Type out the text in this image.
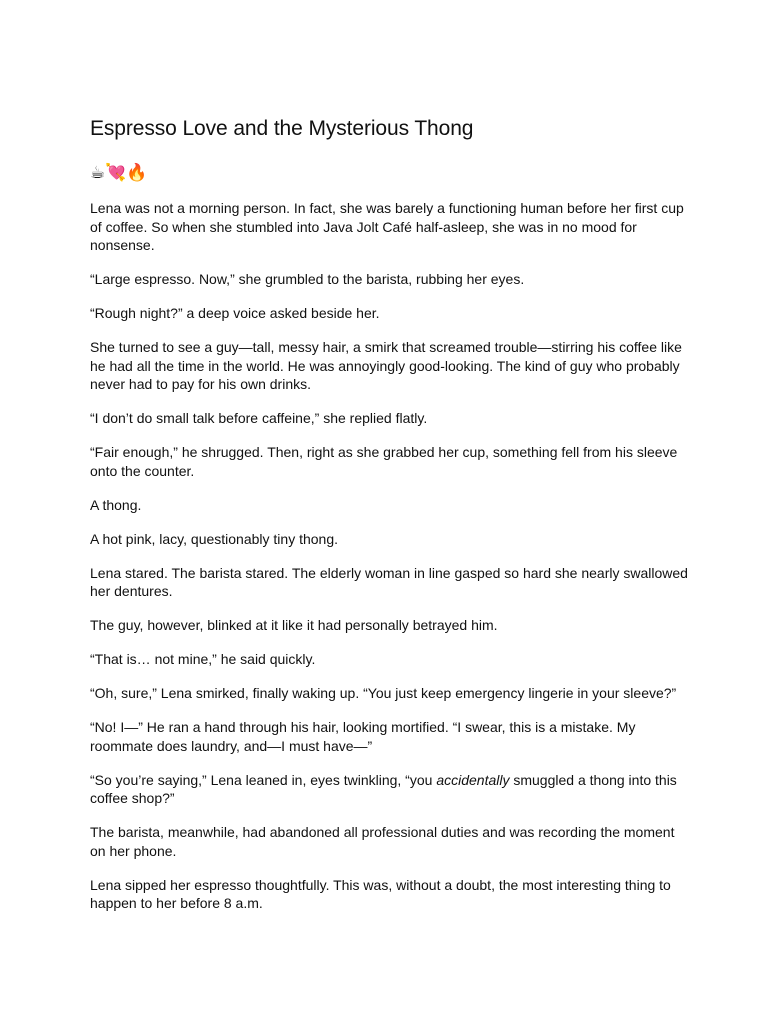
Espresso Love and the Mysterious Thong
☕💘🔥

Lena was not a morning person. In fact, she was barely a functioning human before her first cup of coffee. So when she stumbled into Java Jolt Café half-asleep, she was in no mood for nonsense.

“Large espresso. Now,” she grumbled to the barista, rubbing her eyes.

“Rough night?” a deep voice asked beside her.

She turned to see a guy—tall, messy hair, a smirk that screamed trouble—stirring his coffee like he had all the time in the world. He was annoyingly good-looking. The kind of guy who probably never had to pay for his own drinks.

“I don’t do small talk before caffeine,” she replied flatly.

“Fair enough,” he shrugged. Then, right as she grabbed her cup, something fell from his sleeve onto the counter.

A thong.

A hot pink, lacy, questionably tiny thong.

Lena stared. The barista stared. The elderly woman in line gasped so hard she nearly swallowed her dentures.

The guy, however, blinked at it like it had personally betrayed him.

“That is… not mine,” he said quickly.

“Oh, sure,” Lena smirked, finally waking up. “You just keep emergency lingerie in your sleeve?”

“No! I—” He ran a hand through his hair, looking mortified. “I swear, this is a mistake. My roommate does laundry, and—I must have—”

“So you’re saying,” Lena leaned in, eyes twinkling, “you accidentally smuggled a thong into this coffee shop?”

The barista, meanwhile, had abandoned all professional duties and was recording the moment on her phone.

Lena sipped her espresso thoughtfully. This was, without a doubt, the most interesting thing to happen to her before 8 a.m.
